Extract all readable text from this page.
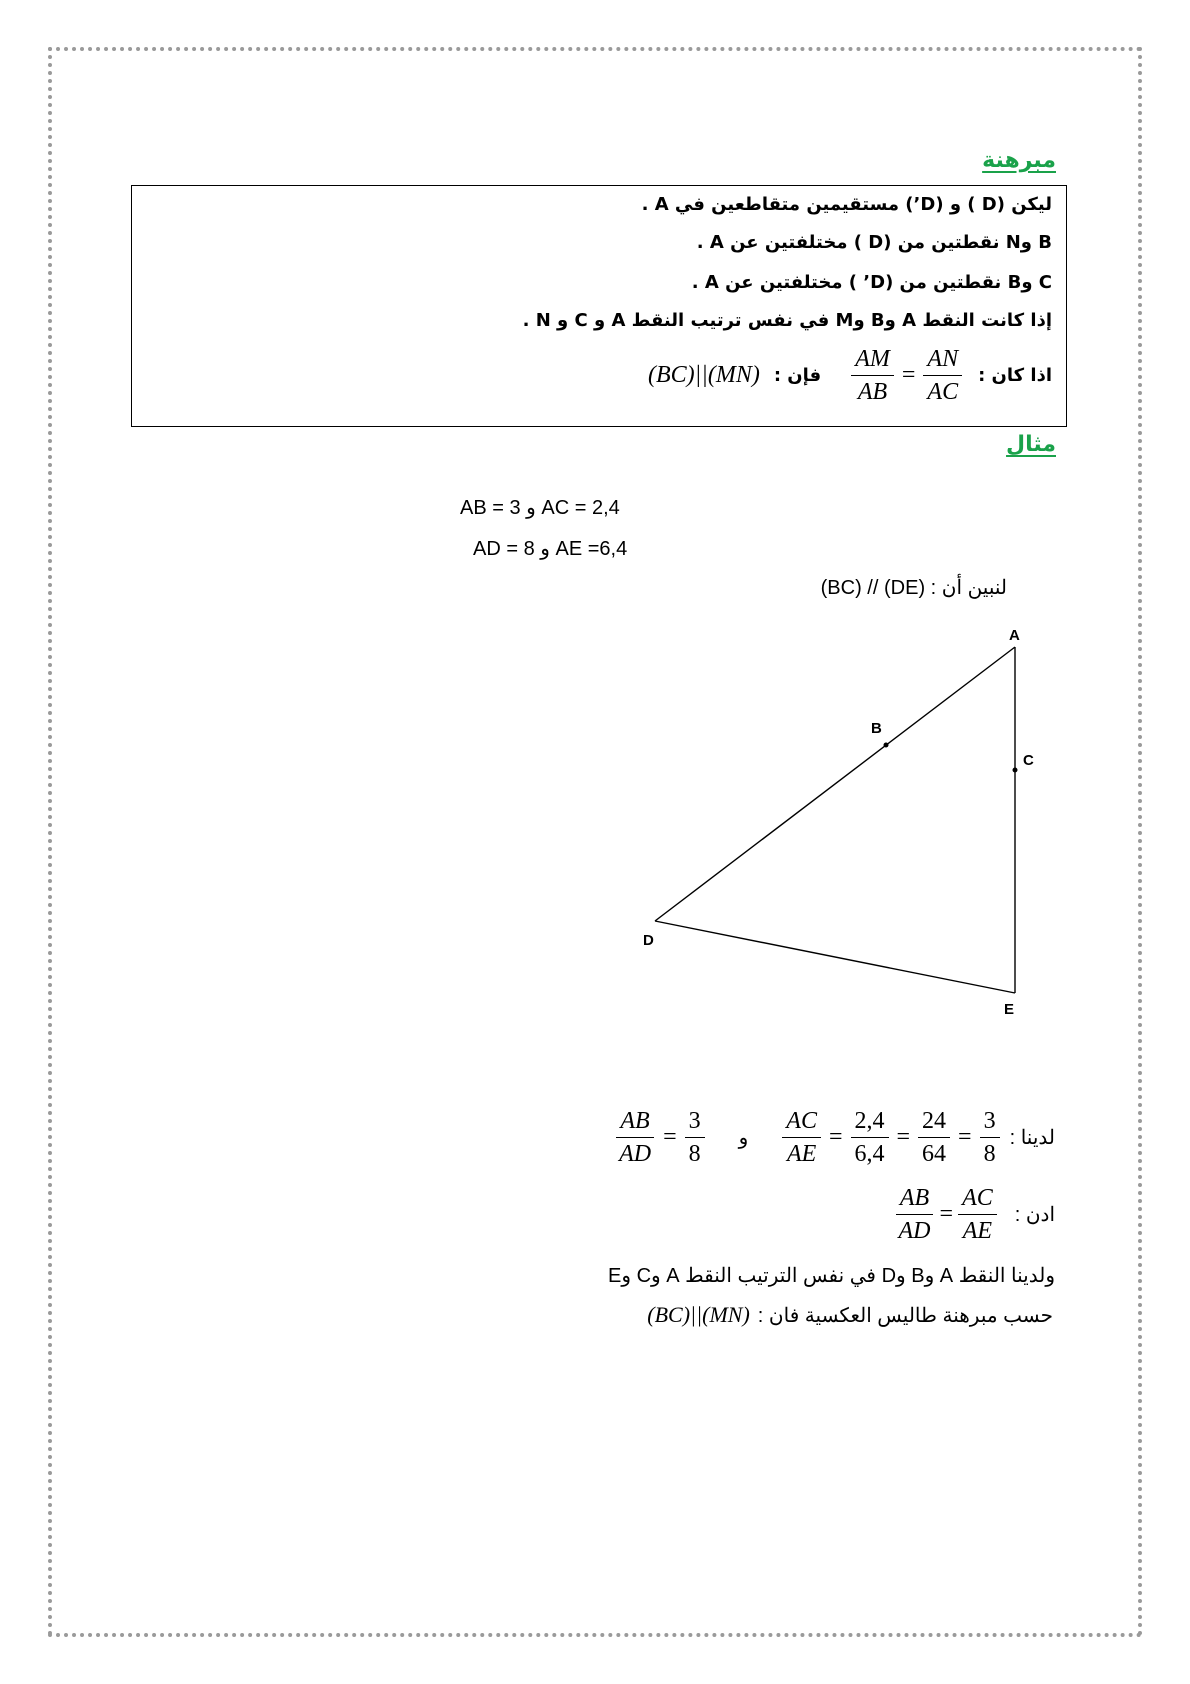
مبرهنة
ليكن (D ) و (D’) مستقيمين متقاطعين في A .
B وN نقطتين من (D ) مختلفتين عن A .
C وB نقطتين من (D’ ) مختلفتين عن A .
إذا كانت النقط A وB وM في نفس ترتيب النقط A و C و N .
(BC)||(MN) فإن : $\frac{AM}{AB} = \frac{AN}{AC}$ اذا كان :
مثال
AB = 3 و AC = 2,4
AD = 8 و AE =6,4
لنبين أن : (DE) // (BC)
A
B
C
D
E
$\frac{AB}{AD} = \frac{3}{8}$ و $\frac{AC}{AE} = \frac{2,4}{6,4} = \frac{24}{64} = \frac{3}{8}$ لدينا :
$\frac{AB}{AD} = \frac{AC}{AE}$ ادن :
ولدينا النقط A وB وD في نفس الترتيب النقط A وC وE
(BC)||(MN) حسب مبرهنة طاليس العكسية فان :
